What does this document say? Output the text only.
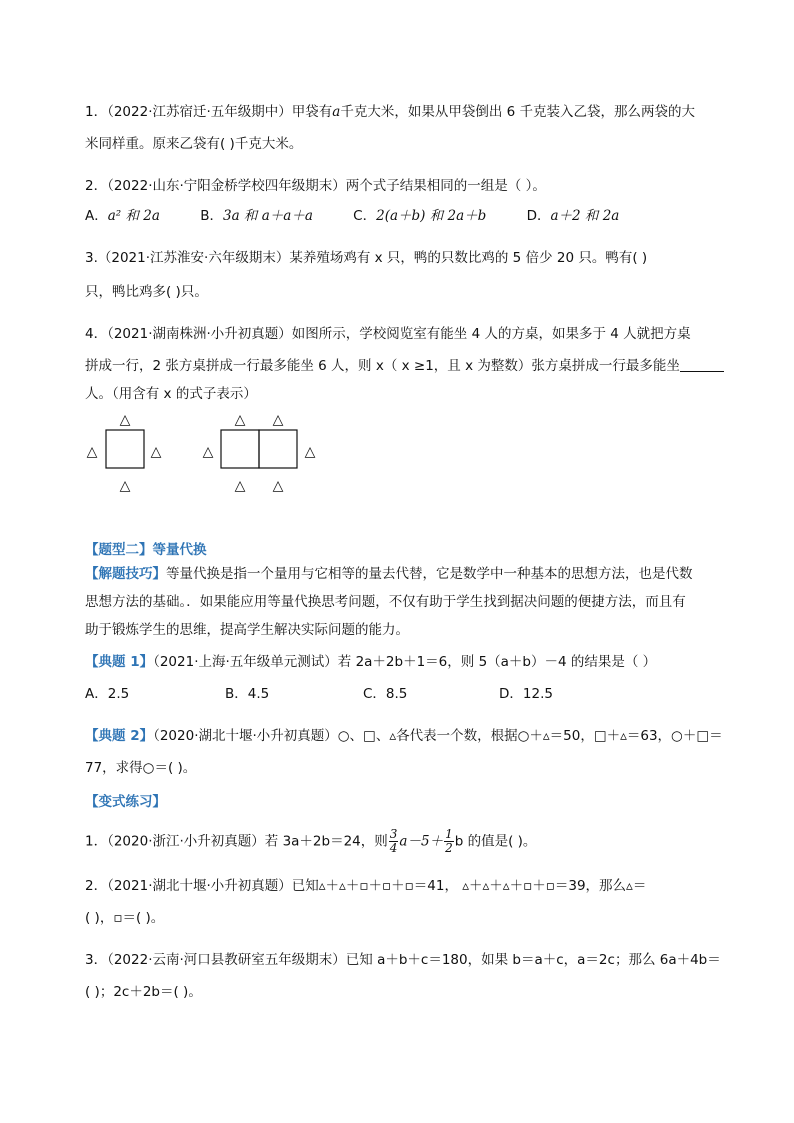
1．（2022·江苏宿迁·五年级期中）甲袋有a千克大米，如果从甲袋倒出 6 千克装入乙袋，那么两袋的大
米同样重。原来乙袋有( )千克大米。
2．（2022·山东·宁阳金桥学校四年级期末）两个式子结果相同的一组是（ ）。
A．a² 和 2a	B．3a 和 a＋a＋a	C．2(a＋b) 和 2a＋b	D．a＋2 和 2a
3.（2021·江苏淮安·六年级期末）某养殖场鸡有 x 只，鸭的只数比鸡的 5 倍少 20 只。鸭有( )
只，鸭比鸡多( )只。
4．（2021·湖南株洲·小升初真题）如图所示，学校阅览室有能坐 4 人的方桌，如果多于 4 人就把方桌
拼成一行，2 张方桌拼成一行最多能坐 6 人，则 x（ x ≥1，且 x 为整数）张方桌拼成一行最多能坐
人。（用含有 x 的式子表示）
△
△
△	△
△ △
△ △
△	△
【题型二】等量代换
【解题技巧】等量代换是指一个量用与它相等的量去代替，它是数学中一种基本的思想方法，也是代数
思想方法的基础。．如果能应用等量代换思考问题，不仅有助于学生找到据决问题的便捷方法，而且有
助于锻炼学生的思维，提高学生解决实际问题的能力。
【典题 1】（2021·上海·五年级单元测试）若 2a＋2b＋1＝6，则 5（a＋b）－4 的结果是（ ）
A．2.5	B．4.5	C．8.5	D．12.5
【典题 2】（2020·湖北十堰·小升初真题）○、□、▵各代表一个数，根据○＋▵＝50，□＋▵＝63，○＋□＝
77，求得○＝( )。
【变式练习】
1．（2020·浙江·小升初真题）若 3a＋2b＝24，则 $\frac{3}{4} a-5+ \frac{1}{2}$ b 的值是( )。
2．（2021·湖北十堰·小升初真题）已知▵＋▵＋▫＋▫＋▫＝41， ▵＋▵＋▵＋▫＋▫＝39，那么▵＝
( )，▫＝( )。
3．（2022·云南·河口县教研室五年级期末）已知 a＋b＋c＝180，如果 b＝a＋c，a＝2c；那么 6a＋4b＝
( )；2c＋2b＝( )。
